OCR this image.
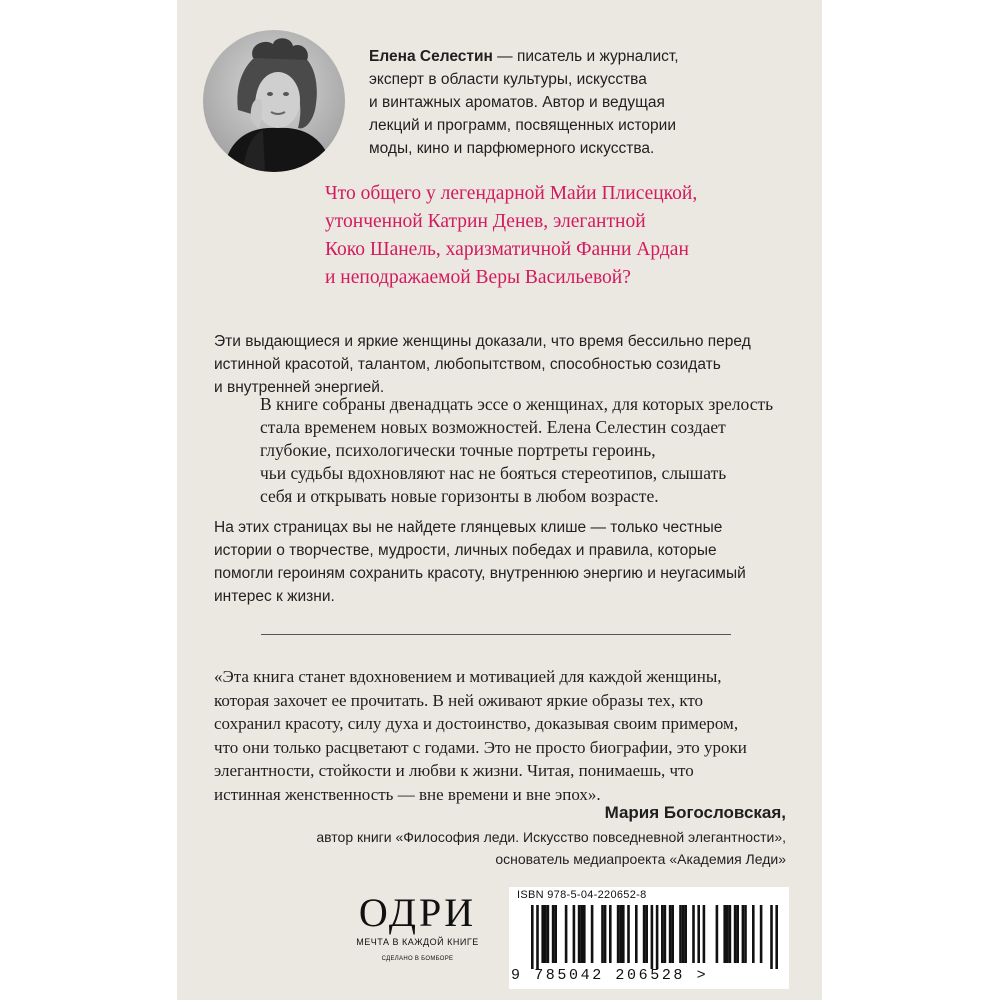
Елена Селестин — писатель и журналист,
эксперт в области культуры, искусства
и винтажных ароматов. Автор и ведущая
лекций и программ, посвященных истории
моды, кино и парфюмерного искусства.
Что общего у легендарной Майи Плисецкой,
утонченной Катрин Денев, элегантной
Коко Шанель, харизматичной Фанни Ардан
и неподражаемой Веры Васильевой?
Эти выдающиеся и яркие женщины доказали, что время бессильно перед
истинной красотой, талантом, любопытством, способностью созидать
и внутренней энергией.
В книге собраны двенадцать эссе о женщинах, для которых зрелость
стала временем новых возможностей. Елена Селестин создает
глубокие, психологически точные портреты героинь,
чьи судьбы вдохновляют нас не бояться стереотипов, слышать
себя и открывать новые горизонты в любом возрасте.
На этих страницах вы не найдете глянцевых клише — только честные
истории о творчестве, мудрости, личных победах и правила, которые
помогли героиням сохранить красоту, внутреннюю энергию и неугасимый
интерес к жизни.
«Эта книга станет вдохновением и мотивацией для каждой женщины,
которая захочет ее прочитать. В ней оживают яркие образы тех, кто
сохранил красоту, силу духа и достоинство, доказывая своим примером,
что они только расцветают с годами. Это не просто биографии, это уроки
элегантности, стойкости и любви к жизни. Читая, понимаешь, что
истинная женственность — вне времени и вне эпох».
Мария Богословская,
автор книги «Философия леди. Искусство повседневной элегантности»,
основатель медиапроекта «Академия Леди»
ОДРИ
МЕЧТА В КАЖДОЙ КНИГЕ
СДЕЛАНО В БОМБОРЕ
ISBN 978-5-04-220652-8
9 785042 206528 >
